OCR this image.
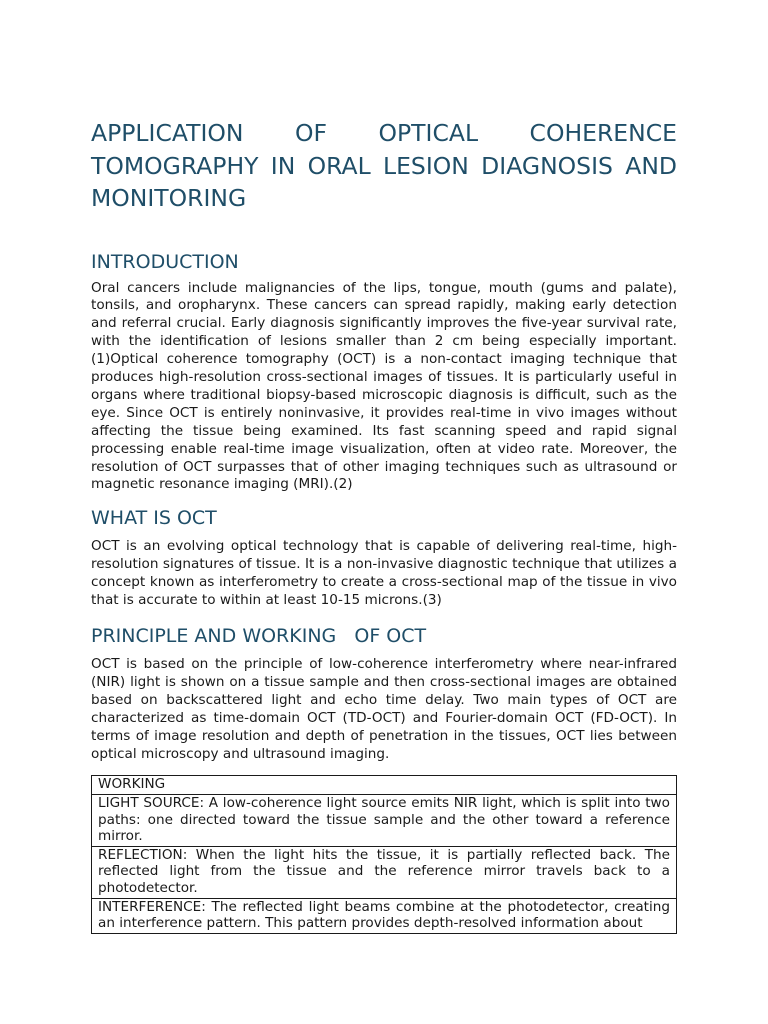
APPLICATION OF OPTICAL COHERENCE TOMOGRAPHY IN ORAL LESION DIAGNOSIS AND MONITORING
INTRODUCTION

Oral cancers include malignancies of the lips, tongue, mouth (gums and palate), tonsils, and oropharynx. These cancers can spread rapidly, making early detection and referral crucial. Early diagnosis significantly improves the five-year survival rate, with the identification of lesions smaller than 2 cm being especially important.(1)Optical coherence tomography (OCT) is a non-contact imaging technique that produces high-resolution cross-sectional images of tissues. It is particularly useful in organs where traditional biopsy-based microscopic diagnosis is difficult, such as the eye. Since OCT is entirely noninvasive, it provides real-time in vivo images without affecting the tissue being examined. Its fast scanning speed and rapid signal processing enable real-time image visualization, often at video rate. Moreover, the resolution of OCT surpasses that of other imaging techniques such as ultrasound or magnetic resonance imaging (MRI).(2)

WHAT IS OCT

OCT is an evolving optical technology that is capable of delivering real-time, high-resolution signatures of tissue. It is a non-invasive diagnostic technique that utilizes a concept known as interferometry to create a cross-sectional map of the tissue in vivo that is accurate to within at least 10-15 microns.(3)

PRINCIPLE AND WORKING   OF OCT

OCT is based on the principle of low-coherence interferometry where near-infrared (NIR) light is shown on a tissue sample and then cross-sectional images are obtained based on backscattered light and echo time delay. Two main types of OCT are characterized as time-domain OCT (TD-OCT) and Fourier-domain OCT (FD-OCT). In terms of image resolution and depth of penetration in the tissues, OCT lies between optical microscopy and ultrasound imaging.

WORKING
LIGHT SOURCE: A low-coherence light source emits NIR light, which is split into two paths: one directed toward the tissue sample and the other toward a reference mirror.
REFLECTION: When the light hits the tissue, it is partially reflected back. The reflected light from the tissue and the reference mirror travels back to a photodetector.
INTERFERENCE: The reflected light beams combine at the photodetector, creating an interference pattern. This pattern provides depth-resolved information about
